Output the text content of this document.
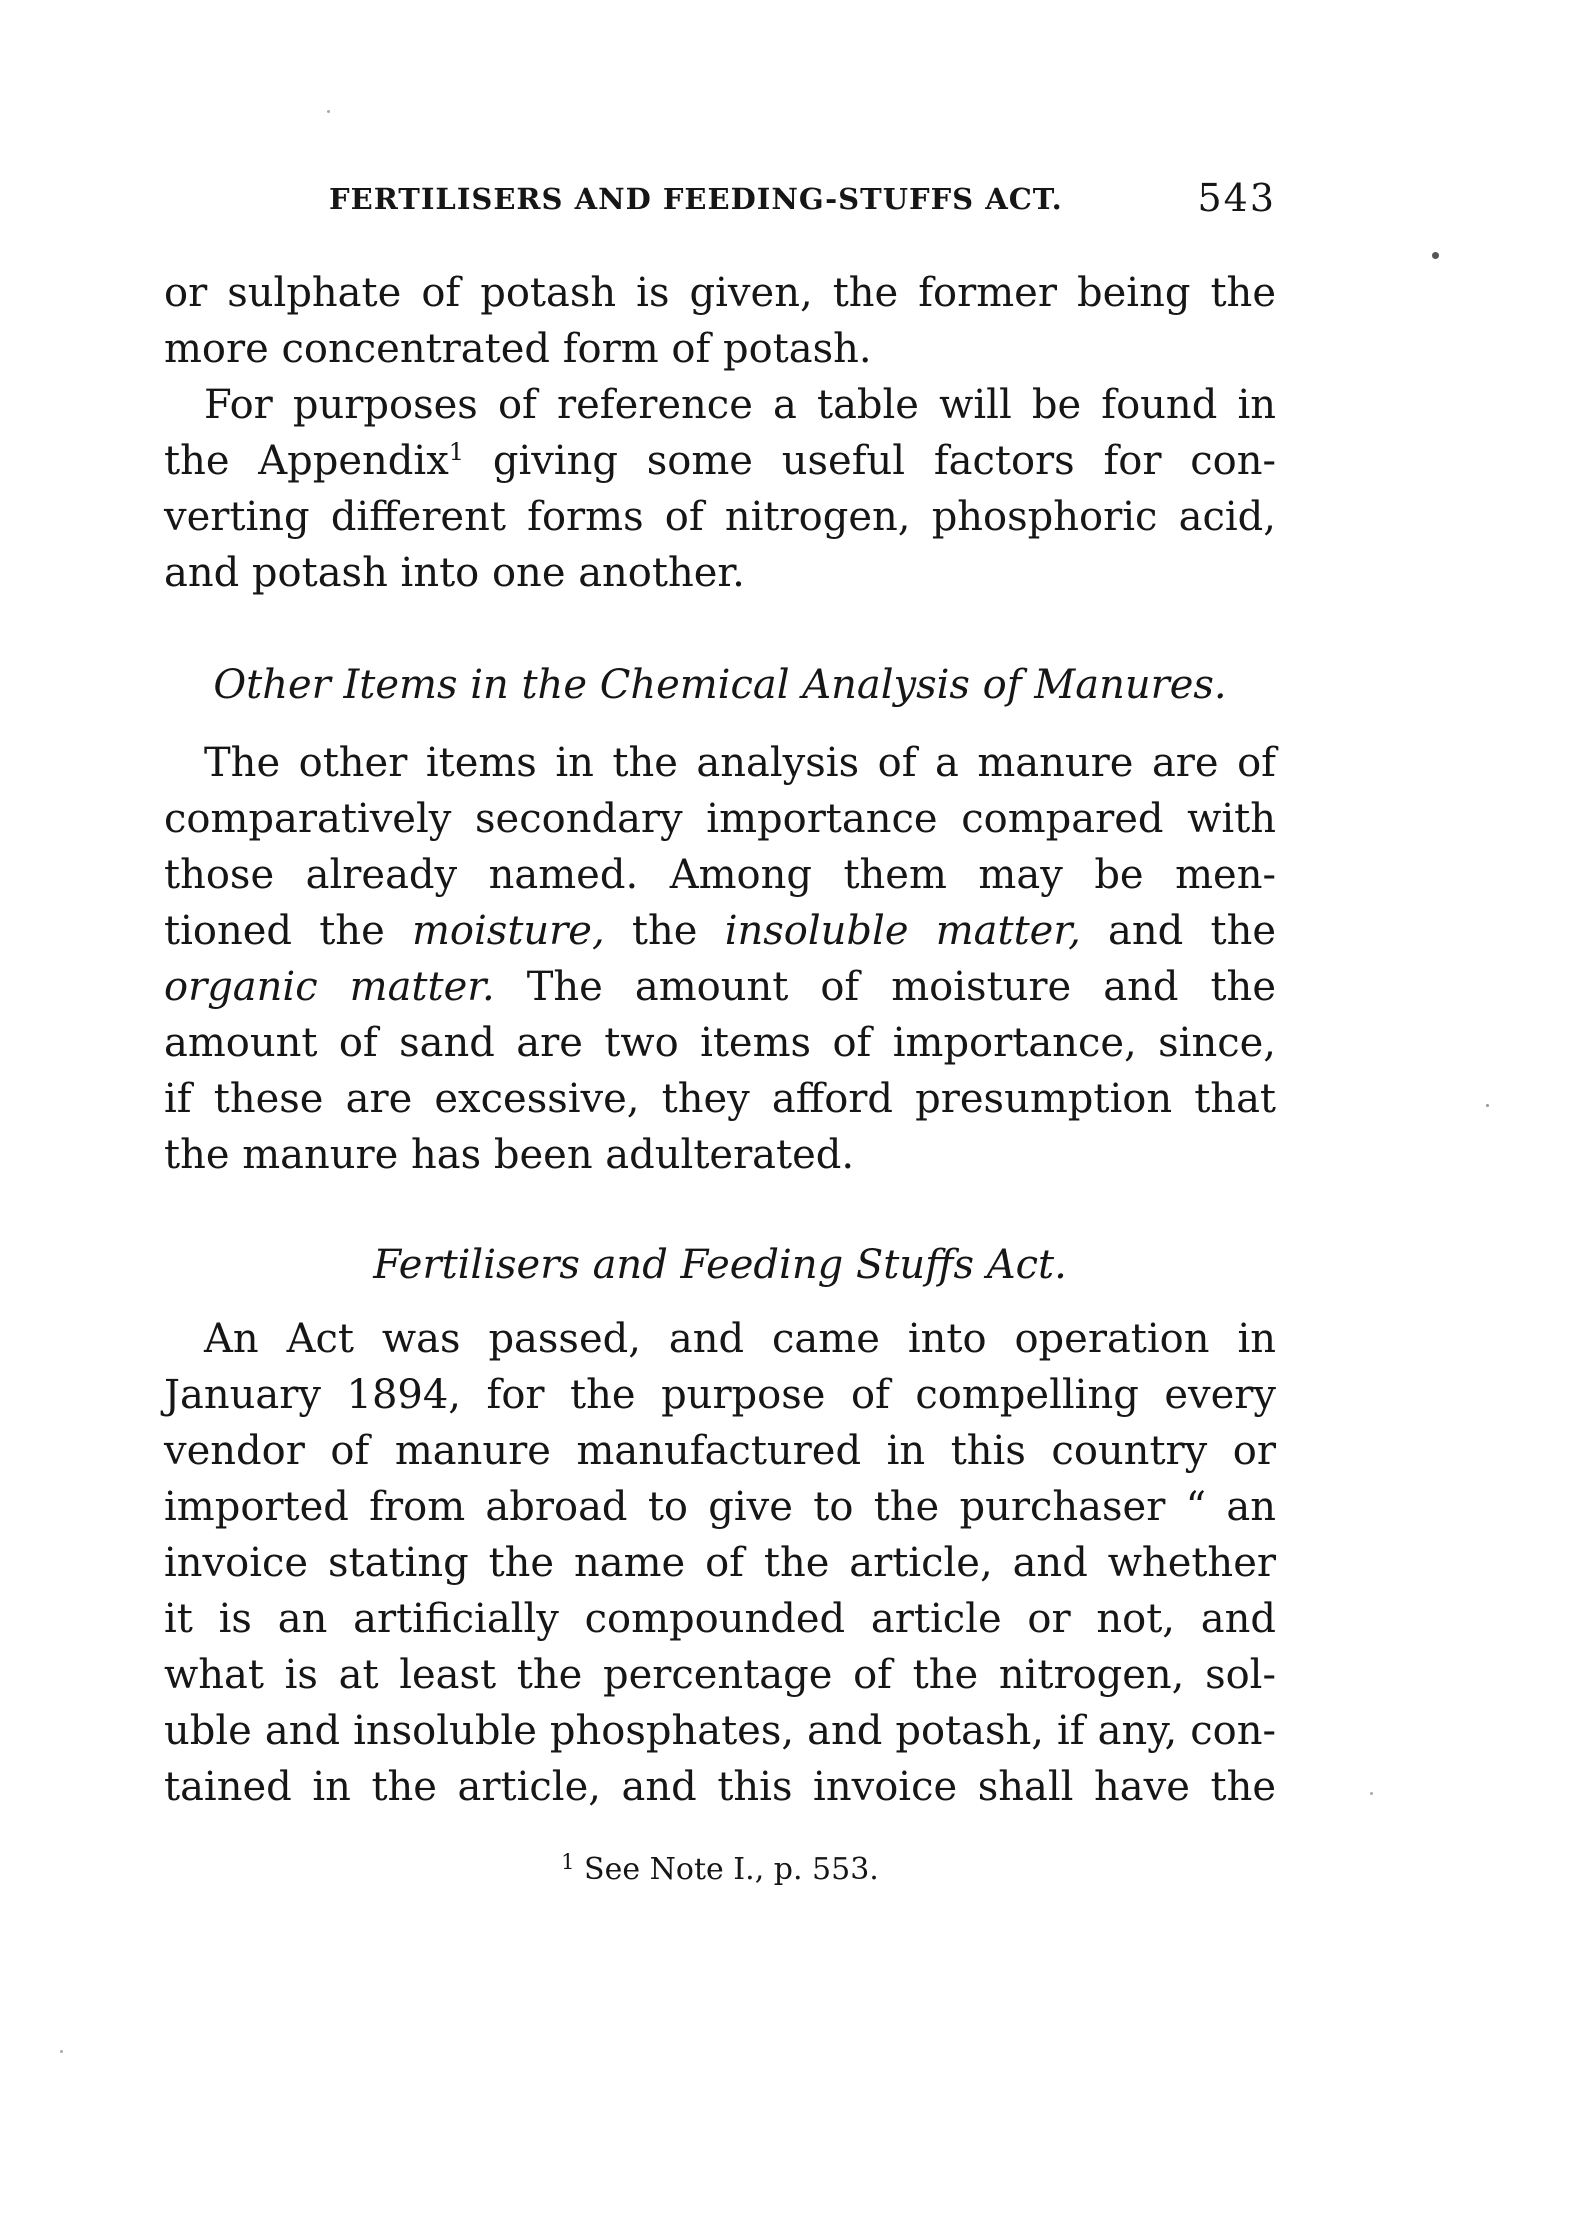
FERTILISERS AND FEEDING-STUFFS ACT.	543
or sulphate of potash is given, the former being the
more concentrated form of potash.
For purposes of reference a table will be found in
the Appendix$^1$ giving some useful factors for con-
verting different forms of nitrogen, phosphoric acid,
and potash into one another.
Other Items in the Chemical Analysis of Manures.
The other items in the analysis of a manure are of
comparatively secondary importance compared with
those already named. Among them may be men-
tioned the moisture, the insoluble matter, and the
organic matter. The amount of moisture and the
amount of sand are two items of importance, since,
if these are excessive, they afford presumption that
the manure has been adulterated.
Fertilisers and Feeding Stuffs Act.
An Act was passed, and came into operation in
January 1894, for the purpose of compelling every
vendor of manure manufactured in this country or
imported from abroad to give to the purchaser “ an
invoice stating the name of the article, and whether
it is an artificially compounded article or not, and
what is at least the percentage of the nitrogen, sol-
uble and insoluble phosphates, and potash, if any, con-
tained in the article, and this invoice shall have the
$^1$ See Note I., p. 553.
